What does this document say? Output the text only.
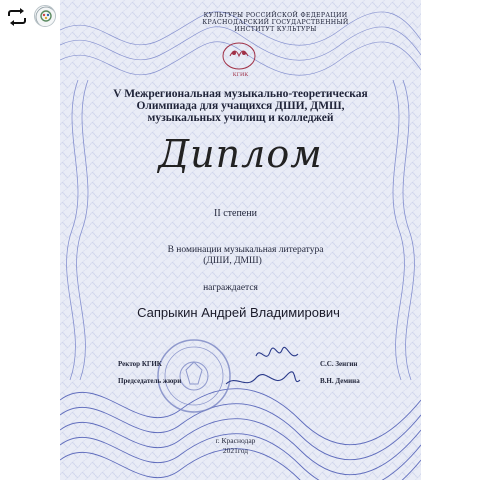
КУЛЬТУРЫ РОССИЙСКОЙ ФЕДЕРАЦИИ
КРАСНОДАРСКИЙ ГОСУДАРСТВЕННЫЙ
ИНСТИТУТ КУЛЬТУРЫ
КГИК
V Межрегиональная музыкально-теоретическая
Олимпиада для учащихся ДШИ, ДМШ,
музыкальных училищ и колледжей
Диплом
II степени
В номинации музыкальная литература
(ДШИ, ДМШ)
награждается
Сапрыкин Андрей Владимирович
Ректор КГИК	С.С. Зенгин
Председатель жюри	В.Н. Демина
г. Краснодар
2021год
